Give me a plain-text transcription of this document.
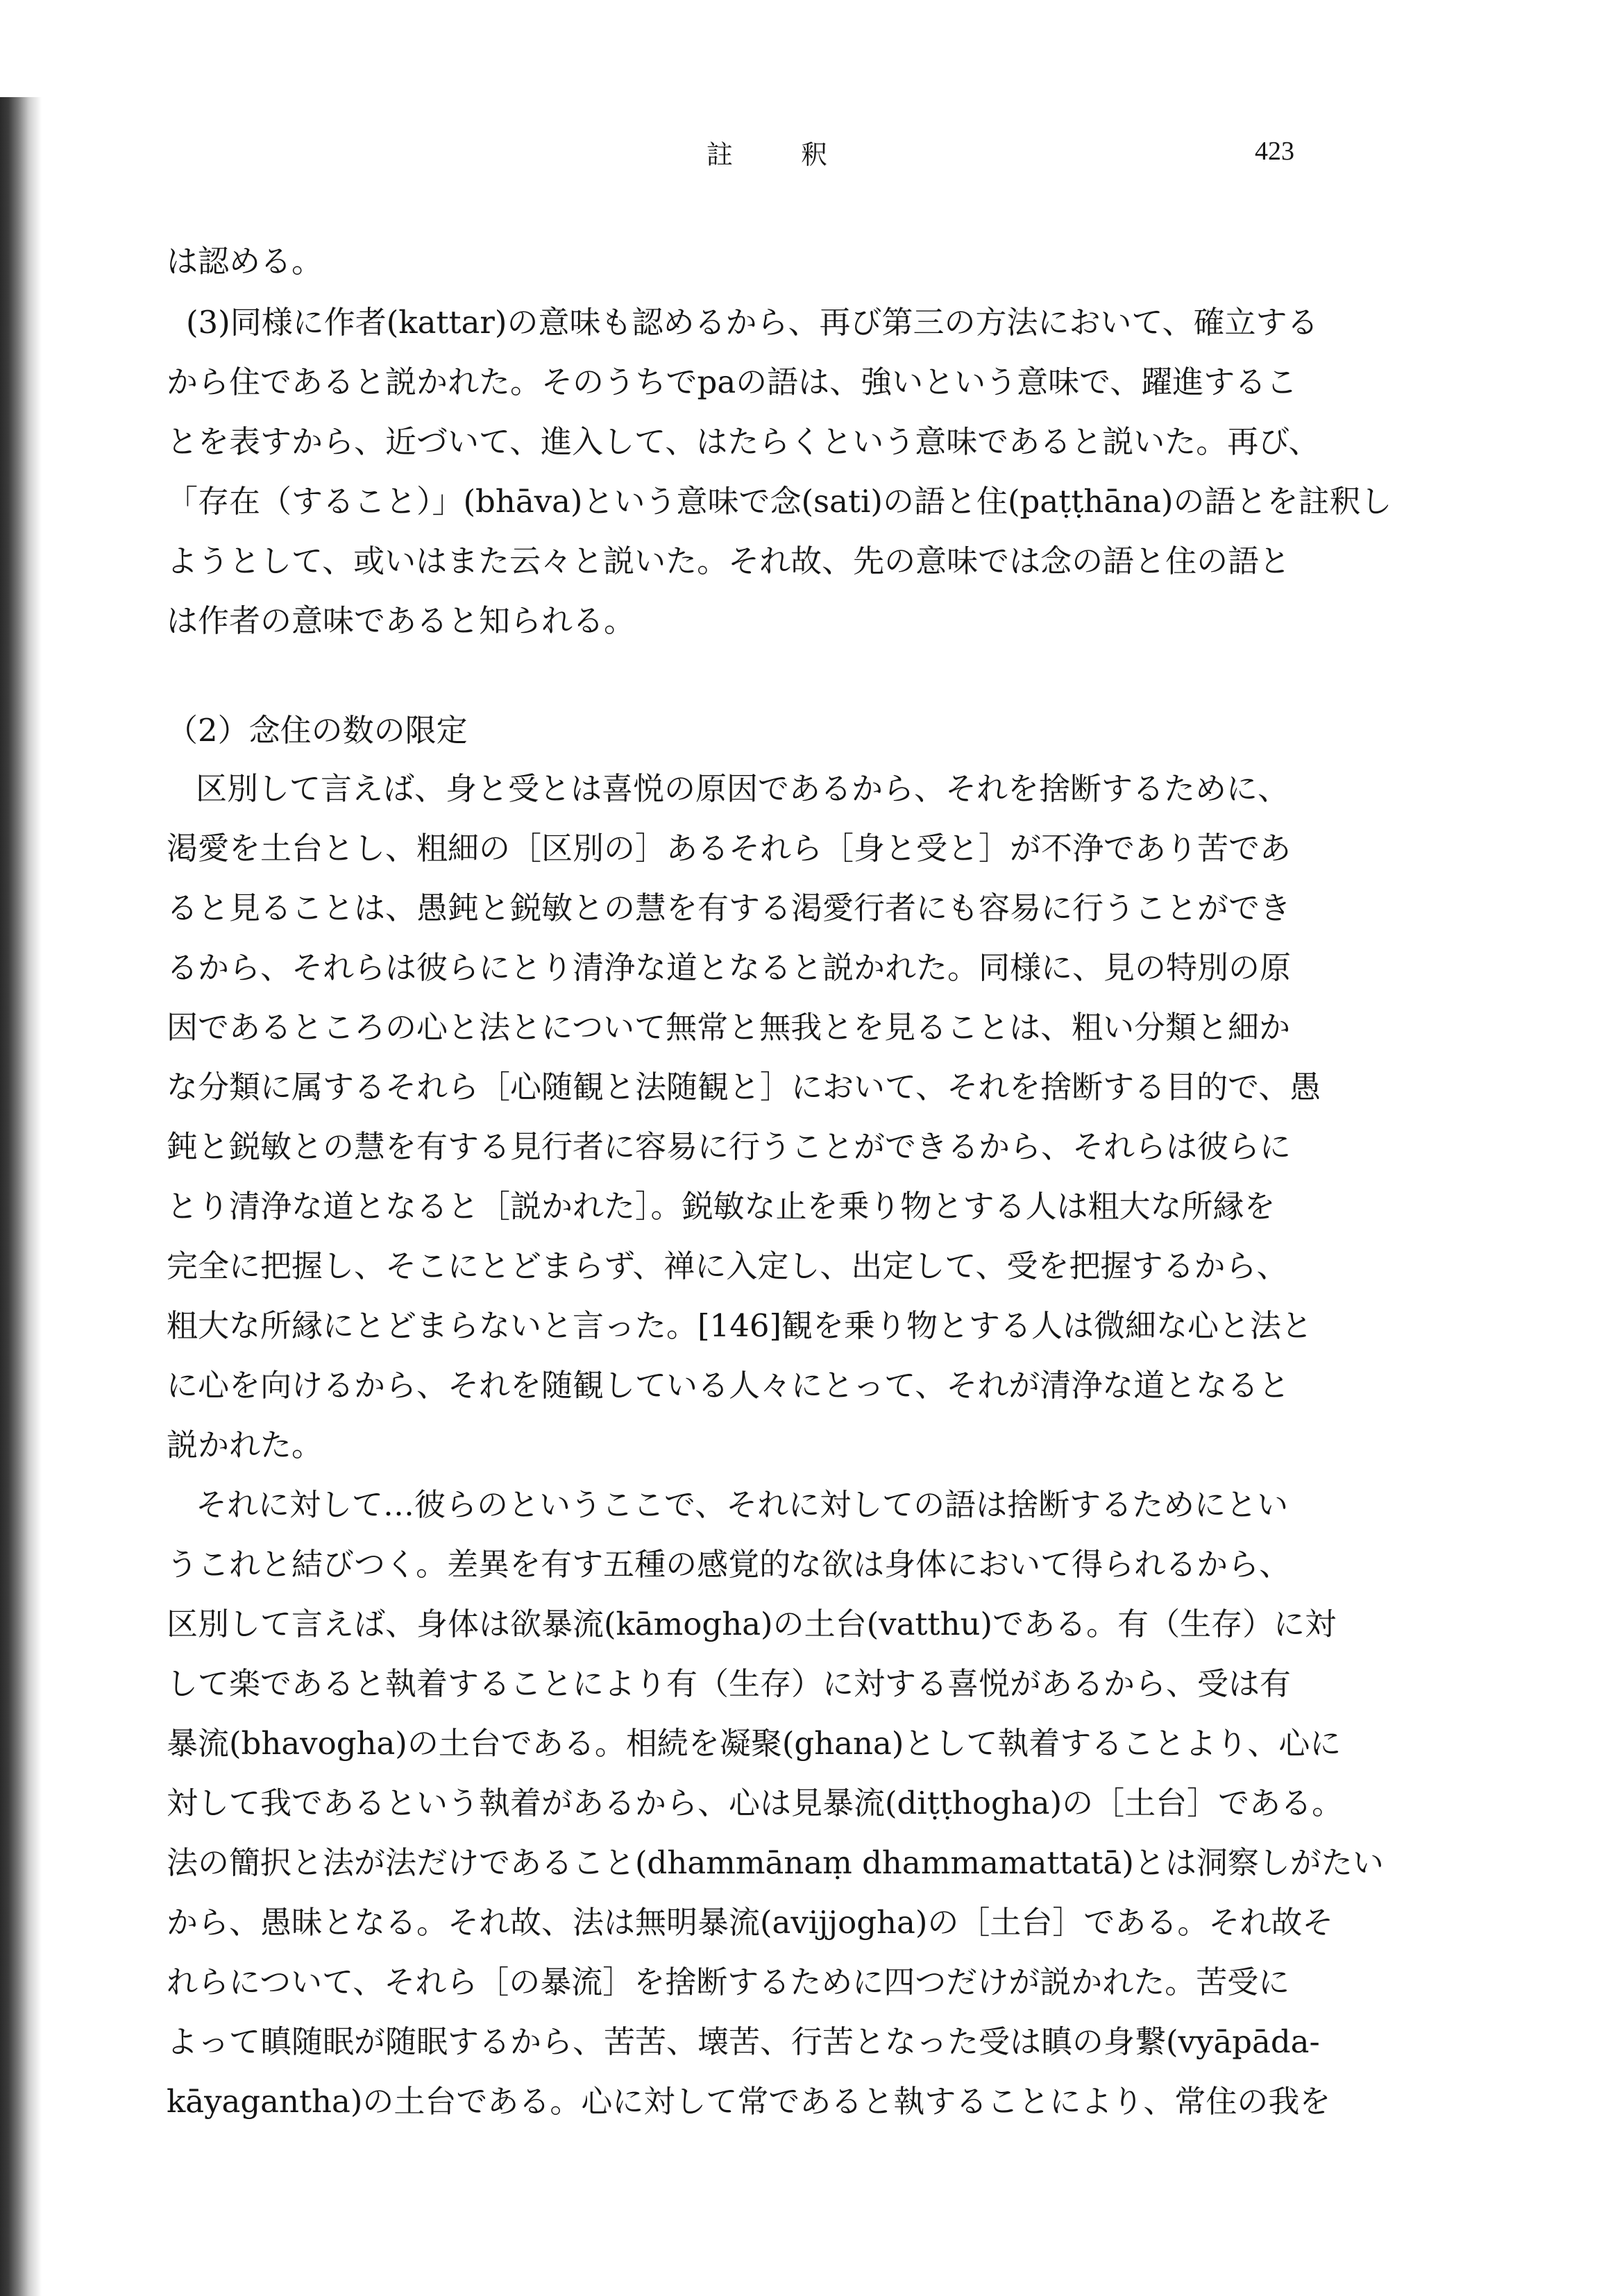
註　釈	423
は認める。
(3)同様に作者(kattar)の意味も認めるから、再び第三の方法において、確立する
から住であると説かれた。そのうちでpaの語は、強いという意味で、躍進するこ
とを表すから、近づいて、進入して、はたらくという意味であると説いた。再び、
「存在（すること）」(bhāva)という意味で念(sati)の語と住(paṭṭhāna)の語とを註釈し
ようとして、或いはまた云々と説いた。それ故、先の意味では念の語と住の語と
は作者の意味であると知られる。
（2）念住の数の限定
区別して言えば、身と受とは喜悦の原因であるから、それを捨断するために、
渇愛を土台とし、粗細の［区別の］あるそれら［身と受と］が不浄であり苦であ
ると見ることは、愚鈍と鋭敏との慧を有する渇愛行者にも容易に行うことができ
るから、それらは彼らにとり清浄な道となると説かれた。同様に、見の特別の原
因であるところの心と法とについて無常と無我とを見ることは、粗い分類と細か
な分類に属するそれら［心随観と法随観と］において、それを捨断する目的で、愚
鈍と鋭敏との慧を有する見行者に容易に行うことができるから、それらは彼らに
とり清浄な道となると［説かれた］。鋭敏な止を乗り物とする人は粗大な所縁を
完全に把握し、そこにとどまらず、禅に入定し、出定して、受を把握するから、
粗大な所縁にとどまらないと言った。[146]観を乗り物とする人は微細な心と法と
に心を向けるから、それを随観している人々にとって、それが清浄な道となると
説かれた。
それに対して…彼らのというここで、それに対しての語は捨断するためにとい
うこれと結びつく。差異を有す五種の感覚的な欲は身体において得られるから、
区別して言えば、身体は欲暴流(kāmogha)の土台(vatthu)である。有（生存）に対
して楽であると執着することにより有（生存）に対する喜悦があるから、受は有
暴流(bhavogha)の土台である。相続を凝聚(ghana)として執着することより、心に
対して我であるという執着があるから、心は見暴流(diṭṭhogha)の［土台］である。
法の簡択と法が法だけであること(dhammānaṃ dhammamattatā)とは洞察しがたい
から、愚昧となる。それ故、法は無明暴流(avijjogha)の［土台］である。それ故そ
れらについて、それら［の暴流］を捨断するために四つだけが説かれた。苦受に
よって瞋随眠が随眠するから、苦苦、壊苦、行苦となった受は瞋の身繋(vyāpāda-
kāyagantha)の土台である。心に対して常であると執することにより、常住の我を
